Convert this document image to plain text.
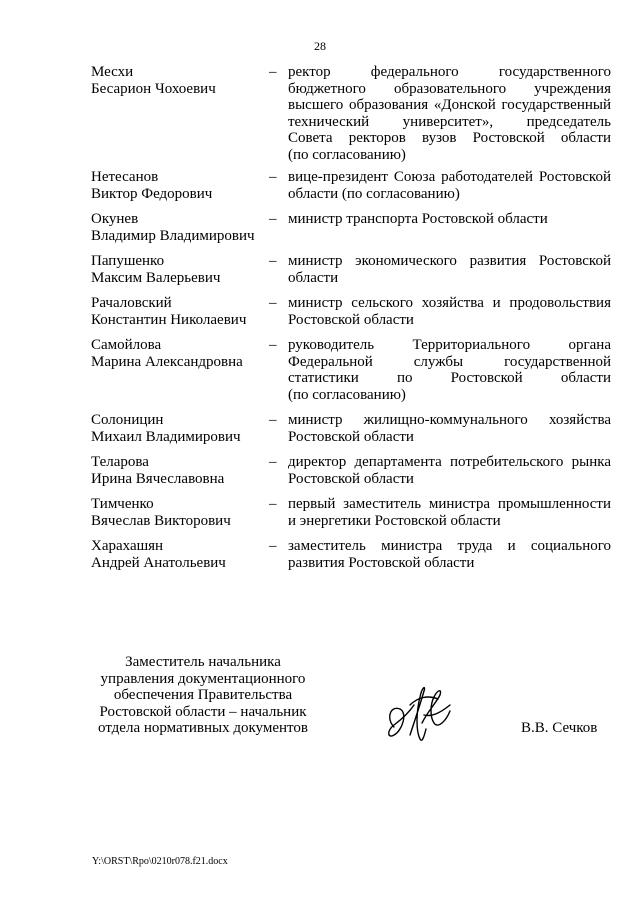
28
Месхи
Бесарион Чохоевич
– ректор федерального государственного
бюджетного образовательного учреждения
высшего образования «Донской государственный
технический университет», председатель
Совета ректоров вузов Ростовской области
(по согласованию)
Нетесанов
Виктор Федорович
– вице-президент Союза работодателей Ростовской
области (по согласованию)
Окунев
Владимир Владимирович
– министр транспорта Ростовской области
Папушенко
Максим Валерьевич
– министр экономического развития Ростовской
области
Рачаловский
Константин Николаевич
– министр сельского хозяйства и продовольствия
Ростовской области
Самойлова
Марина Александровна
– руководитель Территориального органа
Федеральной службы государственной
статистики по Ростовской области
(по согласованию)
Солоницин
Михаил Владимирович
– министр жилищно-коммунального хозяйства
Ростовской области
Теларова
Ирина Вячеславовна
– директор департамента потребительского рынка
Ростовской области
Тимченко
Вячеслав Викторович
– первый заместитель министра промышленности
и энергетики Ростовской области
Харахашян
Андрей Анатольевич
– заместитель министра труда и социального
развития Ростовской области
Заместитель начальника
управления документационного
обеспечения Правительства
Ростовской области – начальник
отдела нормативных документов	В.В. Сечков
Y:\ORST\Rpo\0210r078.f21.docx
